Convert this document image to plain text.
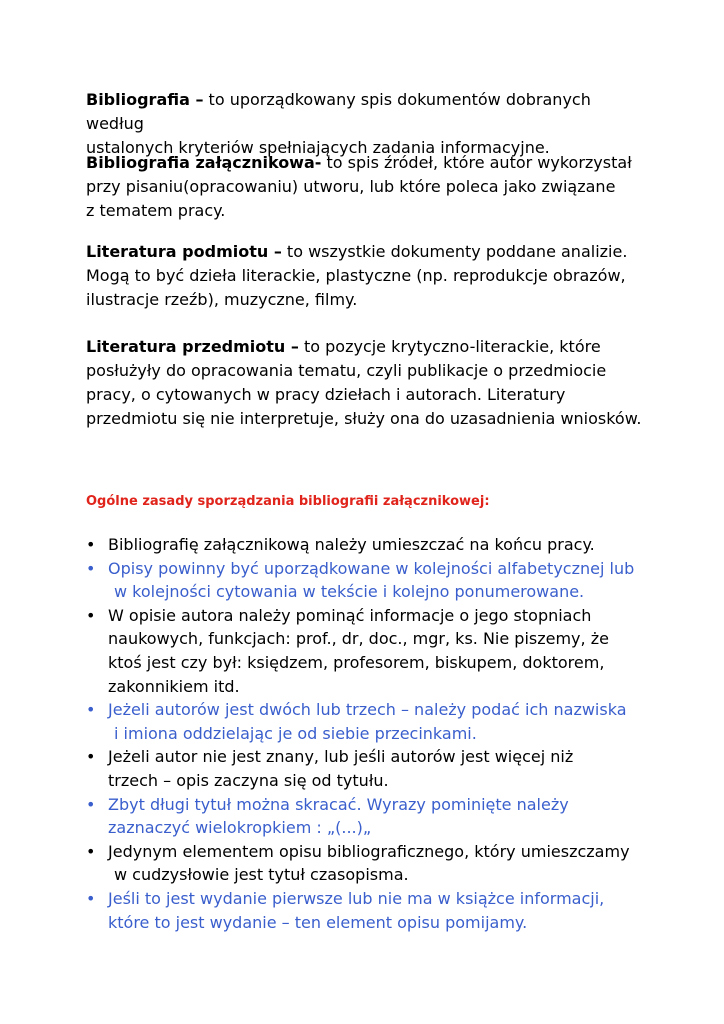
Bibliografia – to uporządkowany spis dokumentów dobranych według
ustalonych kryteriów spełniających zadania informacyjne.

Bibliografia załącznikowa- to spis źródeł, które autor wykorzystał
przy pisaniu(opracowaniu) utworu, lub które poleca jako związane
z tematem pracy.

Literatura podmiotu – to wszystkie dokumenty poddane analizie.
Mogą to być dzieła literackie, plastyczne (np. reprodukcje obrazów,
ilustracje rzeźb), muzyczne, filmy.

Literatura przedmiotu – to pozycje krytyczno-literackie, które
posłużyły do opracowania tematu, czyli publikacje o przedmiocie
pracy, o cytowanych w pracy dziełach i autorach. Literatury
przedmiotu się nie interpretuje, służy ona do uzasadnienia wniosków.

Ogólne zasady sporządzania bibliografii załącznikowej:

• Bibliografię załącznikową należy umieszczać na końcu pracy.
• Opisy powinny być uporządkowane w kolejności alfabetycznej lub
w kolejności cytowania w tekście i kolejno ponumerowane.
• W opisie autora należy pominąć informacje o jego stopniach
naukowych, funkcjach: prof., dr, doc., mgr, ks. Nie piszemy, że
ktoś jest czy był: księdzem, profesorem, biskupem, doktorem,
zakonnikiem itd.
• Jeżeli autorów jest dwóch lub trzech – należy podać ich nazwiska
i imiona oddzielając je od siebie przecinkami.
• Jeżeli autor nie jest znany, lub jeśli autorów jest więcej niż
trzech – opis zaczyna się od tytułu.
• Zbyt długi tytuł można skracać. Wyrazy pominięte należy
zaznaczyć wielokropkiem : „(...)„
• Jedynym elementem opisu bibliograficznego, który umieszczamy
w cudzysłowie jest tytuł czasopisma.
• Jeśli to jest wydanie pierwsze lub nie ma w książce informacji,
które to jest wydanie – ten element opisu pomijamy.
